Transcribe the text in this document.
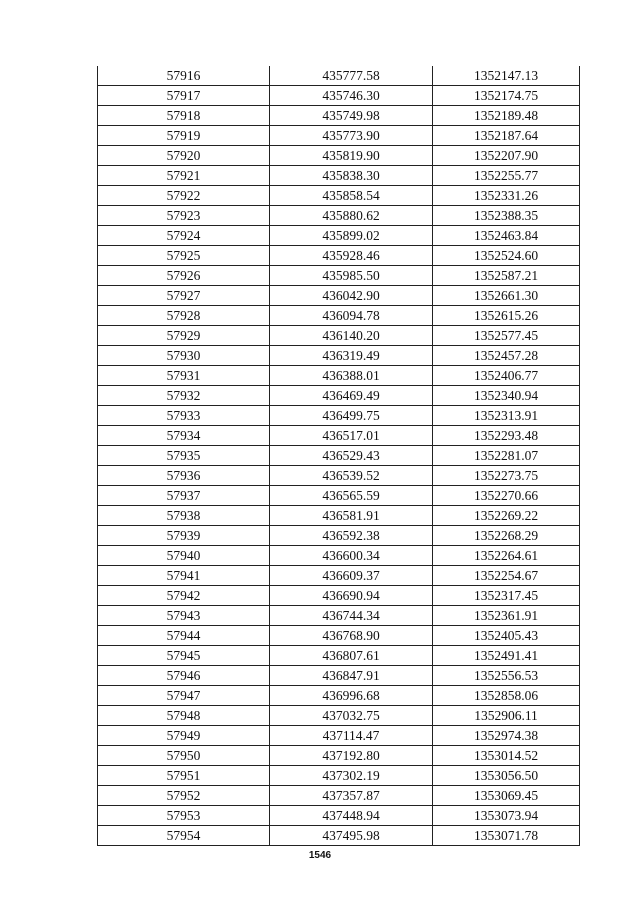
57916	435777.58	1352147.13
57917	435746.30	1352174.75
57918	435749.98	1352189.48
57919	435773.90	1352187.64
57920	435819.90	1352207.90
57921	435838.30	1352255.77
57922	435858.54	1352331.26
57923	435880.62	1352388.35
57924	435899.02	1352463.84
57925	435928.46	1352524.60
57926	435985.50	1352587.21
57927	436042.90	1352661.30
57928	436094.78	1352615.26
57929	436140.20	1352577.45
57930	436319.49	1352457.28
57931	436388.01	1352406.77
57932	436469.49	1352340.94
57933	436499.75	1352313.91
57934	436517.01	1352293.48
57935	436529.43	1352281.07
57936	436539.52	1352273.75
57937	436565.59	1352270.66
57938	436581.91	1352269.22
57939	436592.38	1352268.29
57940	436600.34	1352264.61
57941	436609.37	1352254.67
57942	436690.94	1352317.45
57943	436744.34	1352361.91
57944	436768.90	1352405.43
57945	436807.61	1352491.41
57946	436847.91	1352556.53
57947	436996.68	1352858.06
57948	437032.75	1352906.11
57949	437114.47	1352974.38
57950	437192.80	1353014.52
57951	437302.19	1353056.50
57952	437357.87	1353069.45
57953	437448.94	1353073.94
57954	437495.98	1353071.78
1546
